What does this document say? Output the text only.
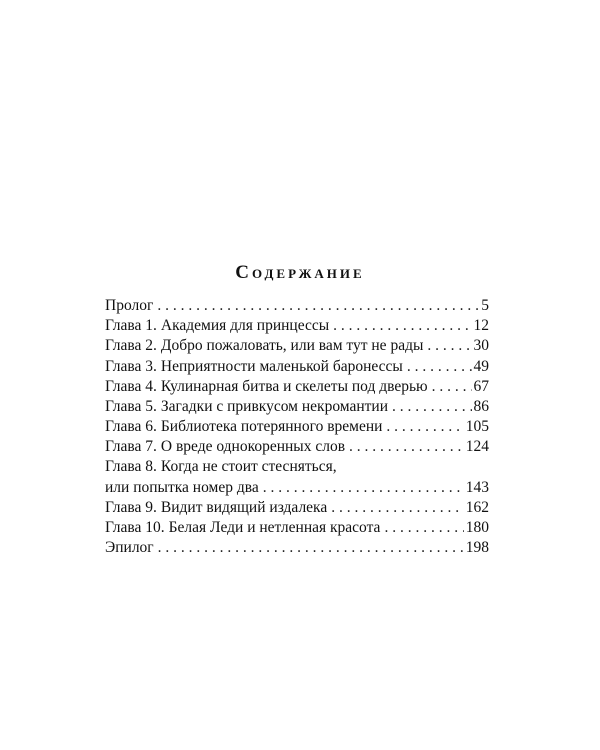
Содержание
Пролог . . .	5
Глава 1. Академия для принцессы . . .	12
Глава 2. Добро пожаловать, или вам тут не рады . . .	30
Глава 3. Неприятности маленькой баронессы . . .	49
Глава 4. Кулинарная битва и скелеты под дверью . . .	67
Глава 5. Загадки с привкусом некромантии . . .	86
Глава 6. Библиотека потерянного времени . . .	105
Глава 7. О вреде однокоренных слов . . .	124
Глава 8. Когда не стоит стесняться,
или попытка номер два . . .	143
Глава 9. Видит видящий издалека . . .	162
Глава 10. Белая Леди и нетленная красота . . .	180
Эпилог . . .	198
